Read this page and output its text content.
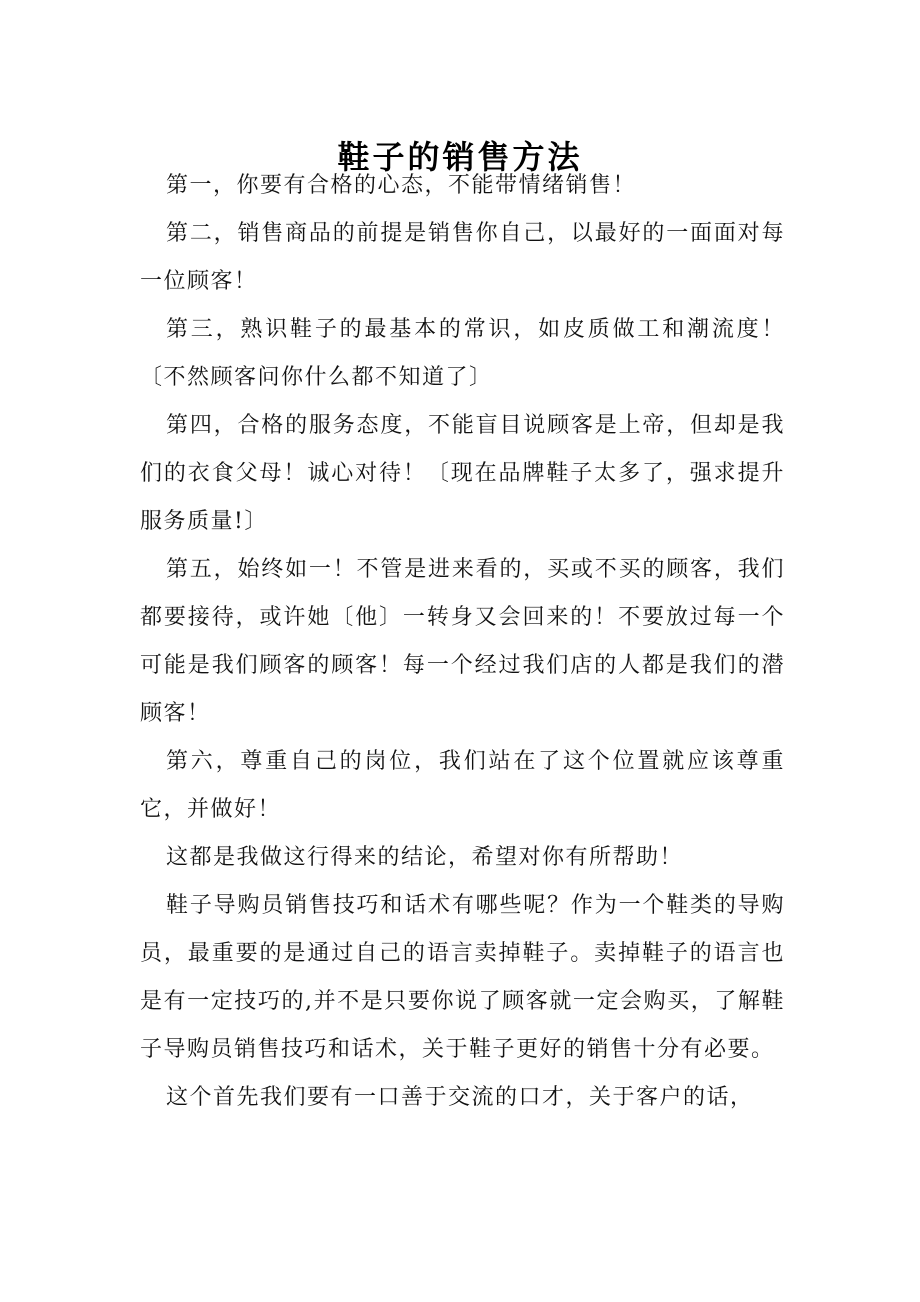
鞋子的销售方法

第一，你要有合格的心态，不能带情绪销售！

第二，销售商品的前提是销售你自己，以最好的一面面对每一位顾客！

第三，熟识鞋子的最基本的常识，如皮质做工和潮流度！〔不然顾客问你什么都不知道了〕

第四，合格的服务态度，不能盲目说顾客是上帝，但却是我们的衣食父母！诚心对待！〔现在品牌鞋子太多了，强求提升服务质量!〕

第五，始终如一！不管是进来看的，买或不买的顾客，我们都要接待，或许她〔他〕一转身又会回来的！不要放过每一个可能是我们顾客的顾客！每一个经过我们店的人都是我们的潜顾客！

第六，尊重自己的岗位，我们站在了这个位置就应该尊重它，并做好！

这都是我做这行得来的结论，希望对你有所帮助！

鞋子导购员销售技巧和话术有哪些呢？作为一个鞋类的导购员，最重要的是通过自己的语言卖掉鞋子。卖掉鞋子的语言也是有一定技巧的,并不是只要你说了顾客就一定会购买，了解鞋子导购员销售技巧和话术，关于鞋子更好的销售十分有必要。

这个首先我们要有一口善于交流的口才，关于客户的话，
